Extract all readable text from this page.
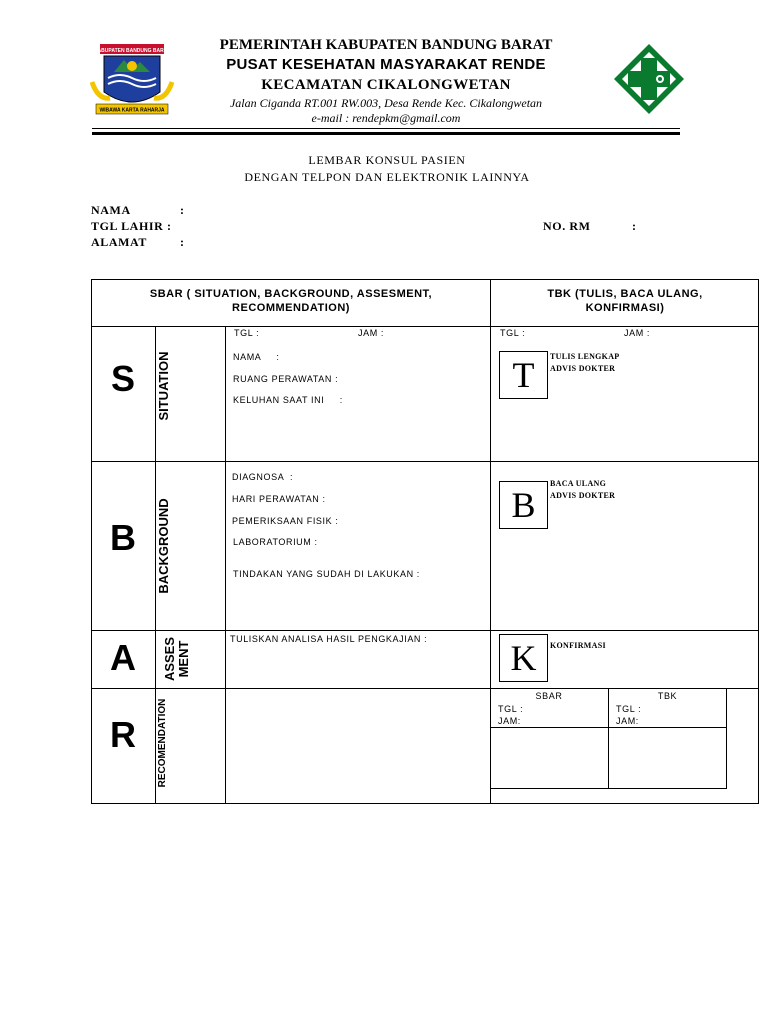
KABUPATEN BANDUNG BARAT
WIBAWA KARTA RAHARJA
PEMERINTAH KABUPATEN BANDUNG BARAT
PUSAT KESEHATAN MASYARAKAT RENDE
KECAMATAN CIKALONGWETAN
Jalan Ciganda RT.001 RW.003, Desa Rende Kec. Cikalongwetan
e-mail : rendepkm@gmail.com
LEMBAR KONSUL PASIEN
DENGAN TELPON DAN ELEKTRONIK LAINNYA
NAMA	:
TGL LAHIR :
ALAMAT	:
NO. RM	:
SBAR ( SITUATION, BACKGROUND, ASSESMENT, RECOMMENDATION)
TBK (TULIS, BACA ULANG, KONFIRMASI)
S	SITUATION
TGL :	JAM :
NAMA     :
RUANG PERAWATAN :
KELUHAN SAAT INI     :
TGL :	JAM :
T	TULIS LENGKAP
ADVIS DOKTER
B	BACKGROUND
DIAGNOSA  :
HARI PERAWATAN :
PEMERIKSAAN FISIK :
LABORATORIUM :
TINDAKAN YANG SUDAH DI LAKUKAN :
B
BACA ULANG
ADVIS DOKTER
A	ASSES MENT
TULISKAN ANALISA HASIL PENGKAJIAN :	K	KONFIRMASI
R	RECOMENDATION
SBAR	TBK
TGL :
JAM:
TGL :
JAM:
